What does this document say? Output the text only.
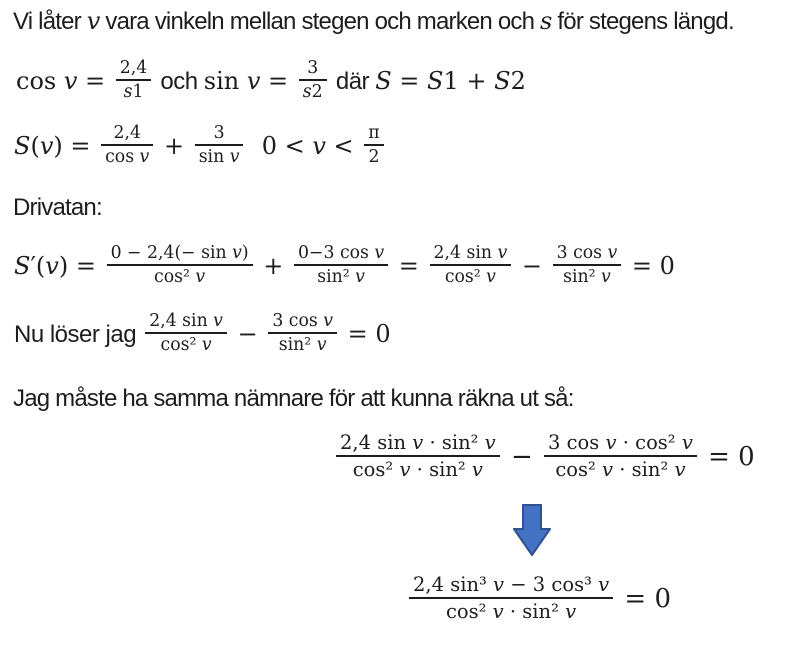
Vi låter v vara vinkeln mellan stegen och marken och s för stegens längd.
$\cos v = \frac{2,4}{s1}$ och $\sin v = \frac{3}{s2}$ där S = S1 + S2
$S(v) = \frac{2,4}{\text{cos v}} + \frac{3}{\text{sin v}} 0 < v < \frac{\pi}{2}$
Drivatan:
$S'(v) = \frac{\text{0 − 2,4(− sin v)}}{\text{cos² v}} + \frac{\text{0−3 cos v}}{\text{sin² v}} = \frac{\text{2,4 sin v}}{\text{cos² v}} - \frac{\text{3 cos v}}{\text{sin² v}} = 0$
Nu löser jag $\frac{\text{2,4 sin v}}{\text{cos² v}} - \frac{\text{3 cos v}}{\text{sin² v}} = 0$
Jag måste ha samma nämnare för att kunna räkna ut så:
$\frac{\text{2,4 sin v · sin² v}}{\text{cos² v · sin² v}} - \frac{\text{3 cos v · cos² v}}{\text{cos² v · sin² v}} = 0$
$\frac{\text{2,4 sin³ v − 3 cos³ v}}{\text{cos² v · sin² v}} = 0$
